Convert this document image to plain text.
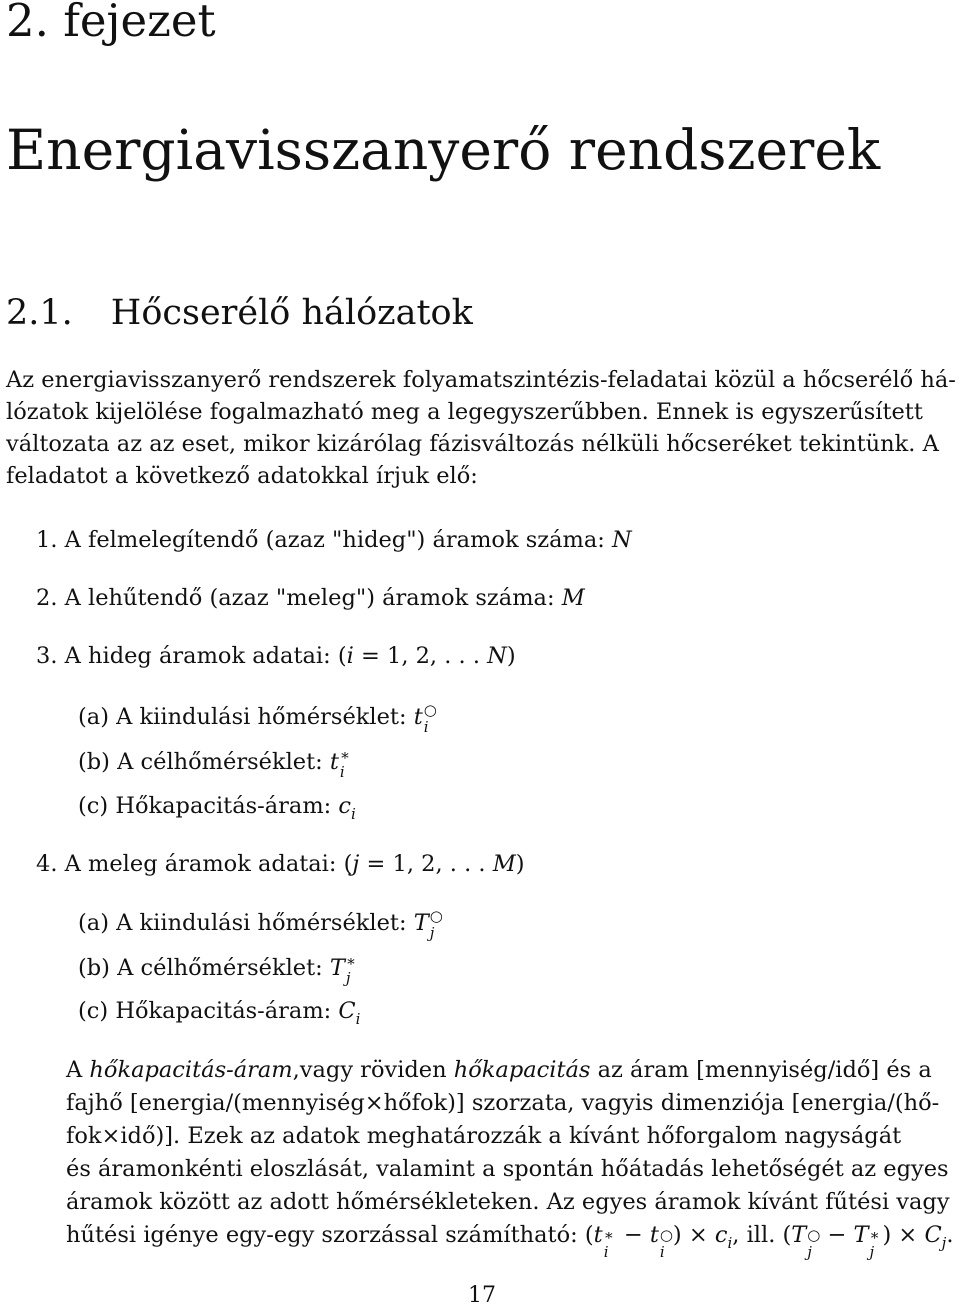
2. fejezet
Energiavisszanyerő rendszerek
2.1. Hőcserélő hálózatok
Az energiavisszanyerő rendszerek folyamatszintézis-feladatai közül a hőcserélő há-
lózatok kijelölése fogalmazható meg a legegyszerűbben. Ennek is egyszerűsített
változata az az eset, mikor kizárólag fázisváltozás nélküli hőcseréket tekintünk. A
feladatot a következő adatokkal írjuk elő:
1. A felmelegítendő (azaz "hideg") áramok száma: N
2. A lehűtendő (azaz "meleg") áramok száma: M
3. A hideg áramok adatai: (i = 1, 2, . . . N)
(a) A kiindulási hőmérséklet: t ○
i
(b) A célhőmérséklet: t ∗
i
(c) Hőkapacitás-áram: $c_i$
4. A meleg áramok adatai: (j = 1, 2, . . . M)
(a) A kiindulási hőmérséklet: T ○
j
(b) A célhőmérséklet: T ∗
j
(c) Hőkapacitás-áram: $C_i$
A hőkapacitás-áram,vagy röviden hőkapacitás az áram [mennyiség/idő] és a
fajhő [energia/(mennyiség×hőfok)] szorzata, vagyis dimenziója [energia/(hő-
fok×idő)]. Ezek az adatok meghatározzák a kívánt hőforgalom nagyságát
és áramonkénti eloszlását, valamint a spontán hőátadás lehetőségét az egyes
áramok között az adott hőmérsékleteken. Az egyes áramok kívánt fűtési vagy
hűtési igénye egy-egy szorzással számítható: (t ∗
i
− t ○
i
) × $c_i$, ill. (T ○
j
− T ∗
j
) × $C_j$.
17
